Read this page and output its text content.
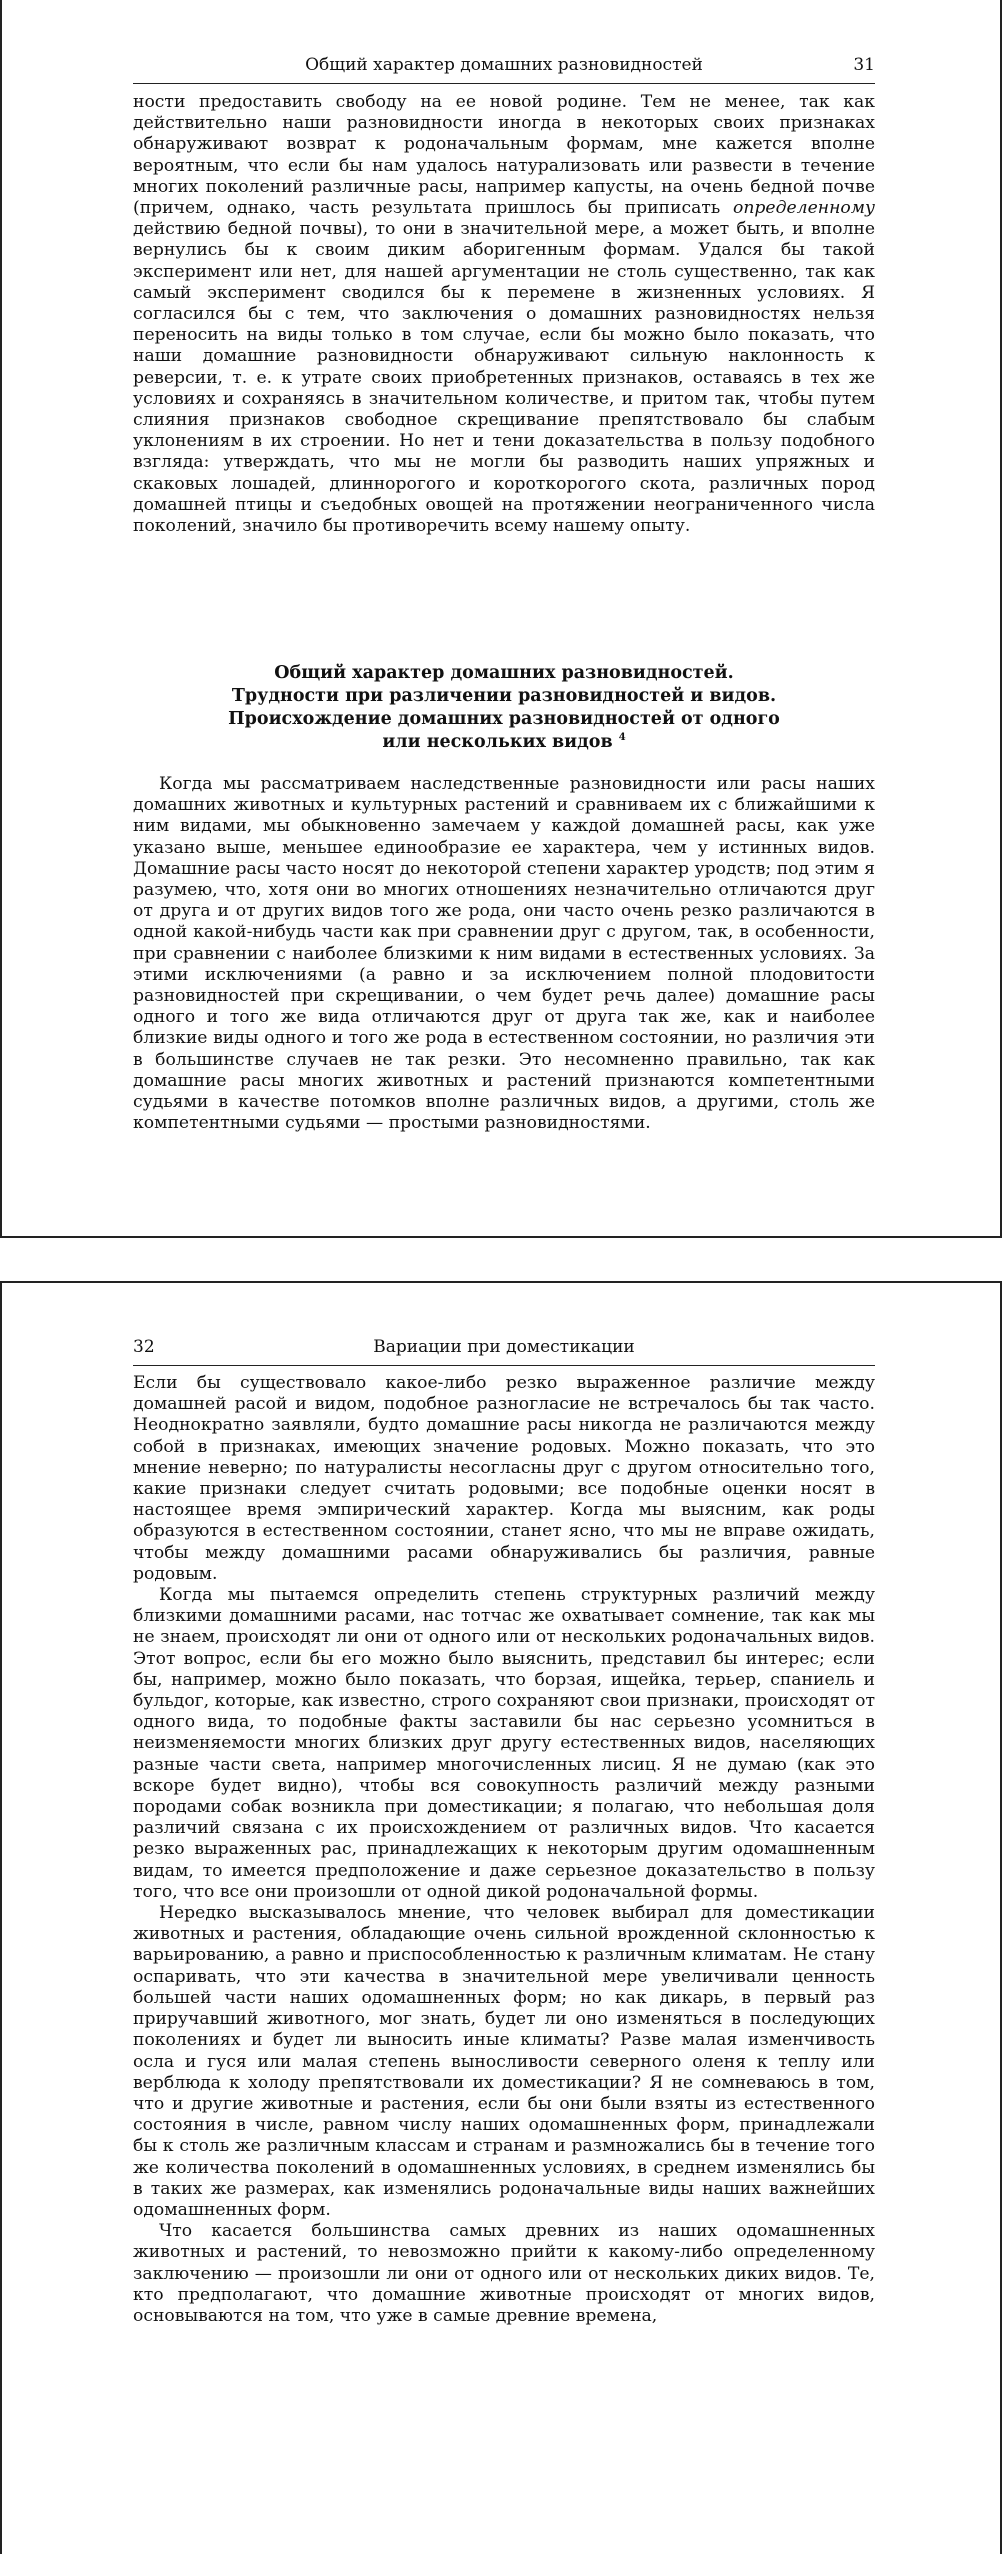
Общий характер домашних разновидностей	31

ности предоставить свободу на ее новой родине. Тем не менее, так как действительно наши разновидности иногда в некоторых своих признаках обнаруживают возврат к родоначальным формам, мне кажется вполне вероятным, что если бы нам удалось натурализовать или развести в течение многих поколений различные расы, например капусты, на очень бедной почве (причем, однако, часть результата пришлось бы приписать определенному действию бедной почвы), то они в значительной мере, а может быть, и вполне вернулись бы к своим диким аборигенным формам. Удался бы такой эксперимент или нет, для нашей аргументации не столь существенно, так как самый эксперимент сводился бы к перемене в жизненных условиях. Я согласился бы с тем, что заключения о домашних разновидностях нельзя переносить на виды только в том случае, если бы можно было показать, что наши домашние разновидности обнаруживают сильную наклонность к реверсии, т. е. к утрате своих приобретенных признаков, оставаясь в тех же условиях и сохраняясь в значительном количестве, и притом так, чтобы путем слияния признаков свободное скрещивание препятствовало бы слабым уклонениям в их строении. Но нет и тени доказательства в пользу подобного взгляда: утверждать, что мы не могли бы разводить наших упряжных и скаковых лошадей, длиннорогого и короткорогого скота, различных пород домашней птицы и съедобных овощей на протяжении неограниченного числа поколений, значило бы противоречить всему нашему опыту.

Общий характер домашних разновидностей.
Трудности при различении разновидностей и видов.
Происхождение домашних разновидностей от одного
или нескольких видов $^4$

Когда мы рассматриваем наследственные разновидности или расы наших домашних животных и культурных растений и сравниваем их с ближайшими к ним видами, мы обыкновенно замечаем у каждой домашней расы, как уже указано выше, меньшее единообразие ее характера, чем у истинных видов. Домашние расы часто носят до некоторой степени характер уродств; под этим я разумею, что, хотя они во многих отношениях незначительно отличаются друг от друга и от других видов того же рода, они часто очень резко различаются в одной какой-нибудь части как при сравнении друг с другом, так, в особенности, при сравнении с наиболее близкими к ним видами в естественных условиях. За этими исключениями (а равно и за исключением полной плодовитости разновидностей при скрещивании, о чем будет речь далее) домашние расы одного и того же вида отличаются друг от друга так же, как и наиболее близкие виды одного и того же рода в естественном состоянии, но различия эти в большинстве случаев не так резки. Это несомненно правильно, так как домашние расы многих животных и растений признаются компетентными судьями в качестве потомков вполне различных видов, а другими, столь же компетентными судьями — простыми разновидностями.

32	Вариации при доместикации

Если бы существовало какое-либо резко выраженное различие между домашней расой и видом, подобное разногласие не встречалось бы так часто. Неоднократно заявляли, будто домашние расы никогда не различаются между собой в признаках, имеющих значение родовых. Можно показать, что это мнение неверно; по натуралисты несогласны друг с другом относительно того, какие признаки следует считать родовыми; все подобные оценки носят в настоящее время эмпирический характер. Когда мы выясним, как роды образуются в естественном состоянии, станет ясно, что мы не вправе ожидать, чтобы между домашними расами обнаруживались бы различия, равные родовым.

Когда мы пытаемся определить степень структурных различий между близкими домашними расами, нас тотчас же охватывает сомнение, так как мы не знаем, происходят ли они от одного или от нескольких родоначальных видов. Этот вопрос, если бы его можно было выяснить, представил бы интерес; если бы, например, можно было показать, что борзая, ищейка, терьер, спаниель и бульдог, которые, как известно, строго сохраняют свои признаки, происходят от одного вида, то подобные факты заставили бы нас серьезно усомниться в неизменяемости многих близких друг другу естественных видов, населяющих разные части света, например многочисленных лисиц. Я не думаю (как это вскоре будет видно), чтобы вся совокупность различий между разными породами собак возникла при доместикации; я полагаю, что небольшая доля различий связана с их происхождением от различных видов. Что касается резко выраженных рас, принадлежащих к некоторым другим одомашненным видам, то имеется предположение и даже серьезное доказательство в пользу того, что все они произошли от одной дикой родоначальной формы.

Нередко высказывалось мнение, что человек выбирал для доместикации животных и растения, обладающие очень сильной врожденной склонностью к варьированию, а равно и приспособленностью к различным климатам. Не стану оспаривать, что эти качества в значительной мере увеличивали ценность большей части наших одомашненных форм; но как дикарь, в первый раз приручавший животного, мог знать, будет ли оно изменяться в последующих поколениях и будет ли выносить иные климаты? Разве малая изменчивость осла и гуся или малая степень выносливости северного оленя к теплу или верблюда к холоду препятствовали их доместикации? Я не сомневаюсь в том, что и другие животные и растения, если бы они были взяты из естественного состояния в числе, равном числу наших одомашненных форм, принадлежали бы к столь же различным классам и странам и размножались бы в течение того же количества поколений в одомашненных условиях, в среднем изменялись бы в таких же размерах, как изменялись родоначальные виды наших важнейших одомашненных форм.

Что касается большинства самых древних из наших одомашненных животных и растений, то невозможно прийти к какому-либо определенному заключению — произошли ли они от одного или от нескольких диких видов. Те, кто предполагают, что домашние животные происходят от многих видов, основываются на том, что уже в самые древние времена,
